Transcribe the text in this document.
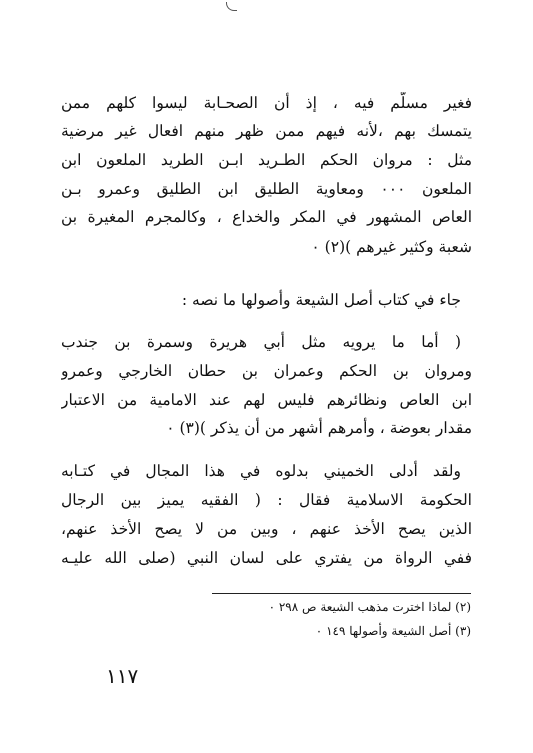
فغير مسلّم فيه ، إذ أن الصحـابة ليسوا كلهم ممن
يتمسك بهم ،لأنه فيهم ممن ظهر منهم افعال غير مرضية
مثل : مروان الحكم الطـريد ابـن الطريد الملعون ابن
الملعون ٠٠٠ ومعاوية الطليق ابن الطليق وعمرو بـن
العاص المشهور في المكر والخداع ، وكالمجرم المغيرة بن
شعبة وكثير غيرهم )(٢) ٠
جاء في كتاب أصل الشيعة وأصولها ما نصه :
( أما ما يرويه مثل أبي هريرة وسمرة بن جندب
ومروان بن الحكم وعمران بن حطان الخارجي وعمرو
ابن العاص ونظائرهم فليس لهم عند الامامية من الاعتبار
مقدار بعوضة ، وأمرهم أشهر من أن يذكر )(٣) ٠
ولقد أدلى الخميني بدلوه في هذا المجال في كتـابه
الحكومة الاسلامية فقال : ( الفقيه يميز بين الرجال
الذين يصح الأخذ عنهم ، وبين من لا يصح الأخذ عنهم،
ففي الرواة من يفتري على لسان النبي (صلى الله عليـه
(٢) لماذا اخترت مذهب الشيعة ص ٢٩٨ ٠
(٣) أصل الشيعة وأصولها ١٤٩ ٠
١١٧
